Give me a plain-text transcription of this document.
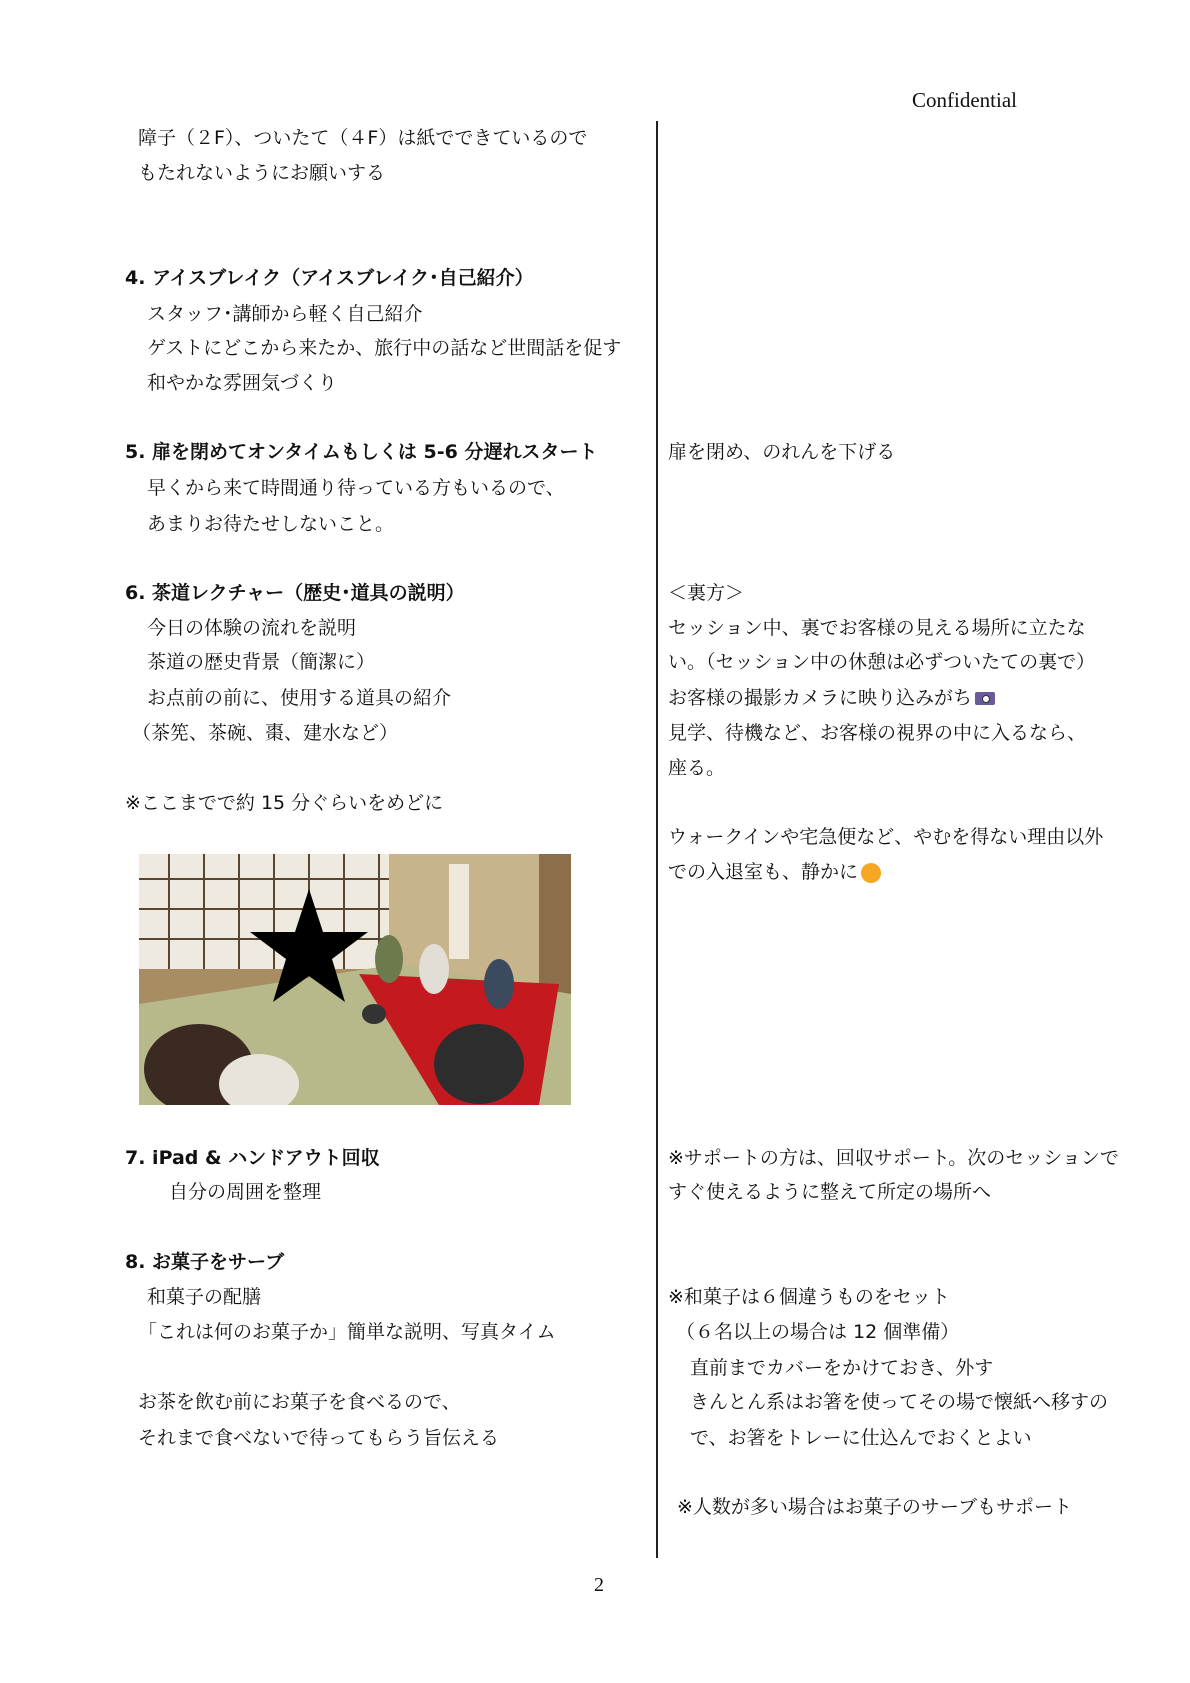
Confidential
障子（２F）、ついたて（４F）は紙でできているので
もたれないようにお願いする
4. アイスブレイク（アイスブレイク･自己紹介）
スタッフ･講師から軽く自己紹介
ゲストにどこから来たか、旅行中の話など世間話を促す
和やかな雰囲気づくり
5. 扉を閉めてオンタイムもしくは 5-6 分遅れスタート
早くから来て時間通り待っている方もいるので、
あまりお待たせしないこと。
扉を閉め、のれんを下げる
6. 茶道レクチャー（歴史･道具の説明）
今日の体験の流れを説明
茶道の歴史背景（簡潔に）
お点前の前に、使用する道具の紹介
（茶筅、茶碗、棗、建水など）
※ここまでで約 15 分ぐらいをめどに
＜裏方＞
セッション中、裏でお客様の見える場所に立たな
い。（セッション中の休憩は必ずついたての裏で）
お客様の撮影カメラに映り込みがち
見学、待機など、お客様の視界の中に入るなら、
座る。
ウォークインや宅急便など、やむを得ない理由以外
での入退室も、静かに
7. iPad & ハンドアウト回収
自分の周囲を整理
※サポートの方は、回収サポート。次のセッションで
すぐ使えるように整えて所定の場所へ
8. お菓子をサーブ
和菓子の配膳
「これは何のお菓子か」簡単な説明、写真タイム
お茶を飲む前にお菓子を食べるので、
それまで食べないで待ってもらう旨伝える
※和菓子は６個違うものをセット
（６名以上の場合は 12 個準備）
直前までカバーをかけておき、外す
きんとん系はお箸を使ってその場で懐紙へ移すの
で、お箸をトレーに仕込んでおくとよい
※人数が多い場合はお菓子のサーブもサポート
2
